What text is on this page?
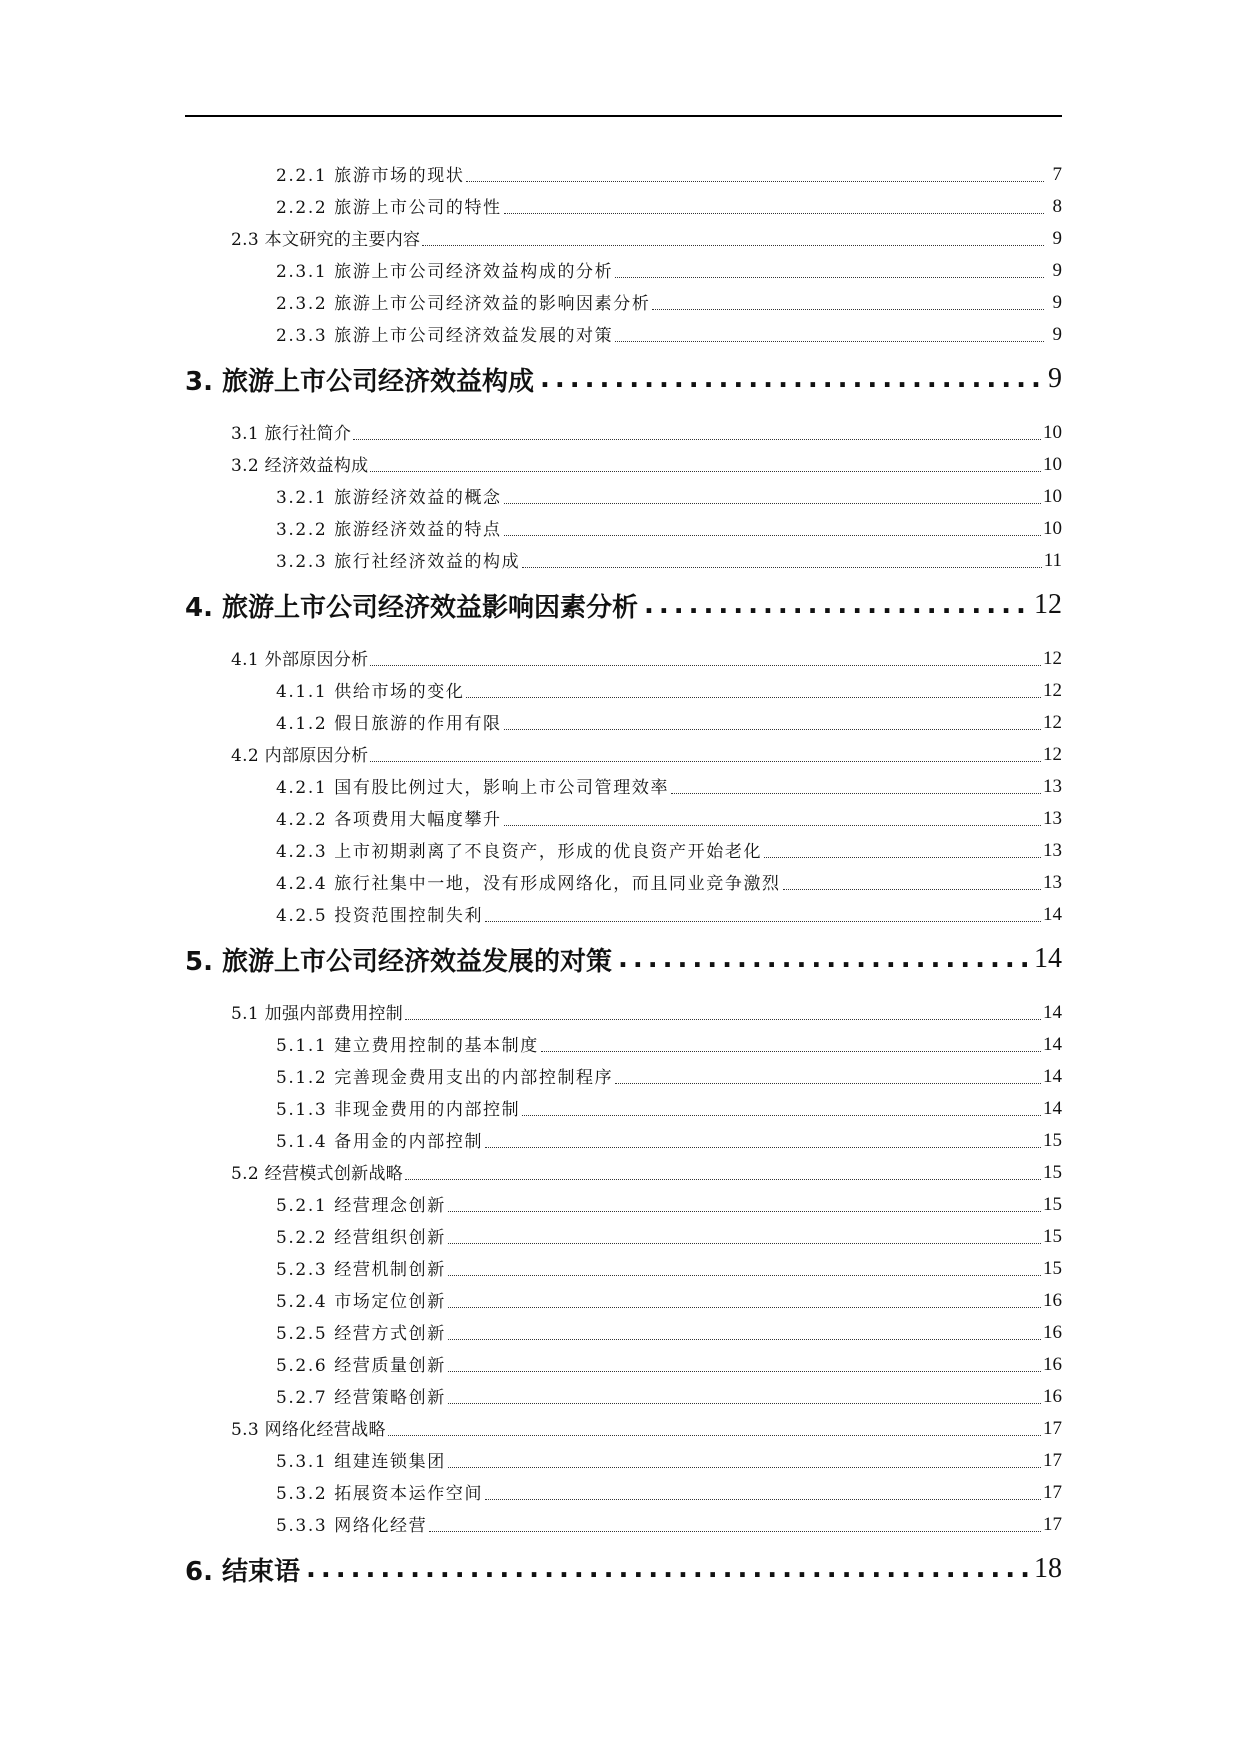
2.2.1 旅游市场的现状	7
2.2.2 旅游上市公司的特性	8
2.3 本文研究的主要内容	9
2.3.1 旅游上市公司经济效益构成的分析	9
2.3.2 旅游上市公司经济效益的影响因素分析	9
2.3.3 旅游上市公司经济效益发展的对策	9
3. 旅游上市公司经济效益构成 .....	9
3.1 旅行社简介	10
3.2 经济效益构成	10
3.2.1 旅游经济效益的概念	10
3.2.2 旅游经济效益的特点	10
3.2.3 旅行社经济效益的构成	11
4. 旅游上市公司经济效益影响因素分析 .....	12
4.1 外部原因分析	12
4.1.1 供给市场的变化	12
4.1.2 假日旅游的作用有限	12
4.2 内部原因分析	12
4.2.1 国有股比例过大，影响上市公司管理效率	13
4.2.2 各项费用大幅度攀升	13
4.2.3 上市初期剥离了不良资产，形成的优良资产开始老化	13
4.2.4 旅行社集中一地，没有形成网络化，而且同业竞争激烈	13
4.2.5 投资范围控制失利	14
5. 旅游上市公司经济效益发展的对策 .....	14
5.1 加强内部费用控制	14
5.1.1 建立费用控制的基本制度	14
5.1.2 完善现金费用支出的内部控制程序	14
5.1.3 非现金费用的内部控制	14
5.1.4 备用金的内部控制	15
5.2 经营模式创新战略	15
5.2.1 经营理念创新	15
5.2.2 经营组织创新	15
5.2.3 经营机制创新	15
5.2.4 市场定位创新	16
5.2.5 经营方式创新	16
5.2.6 经营质量创新	16
5.2.7 经营策略创新	16
5.3 网络化经营战略	17
5.3.1 组建连锁集团	17
5.3.2 拓展资本运作空间	17
5.3.3 网络化经营	17
6. 结束语 .....	18
